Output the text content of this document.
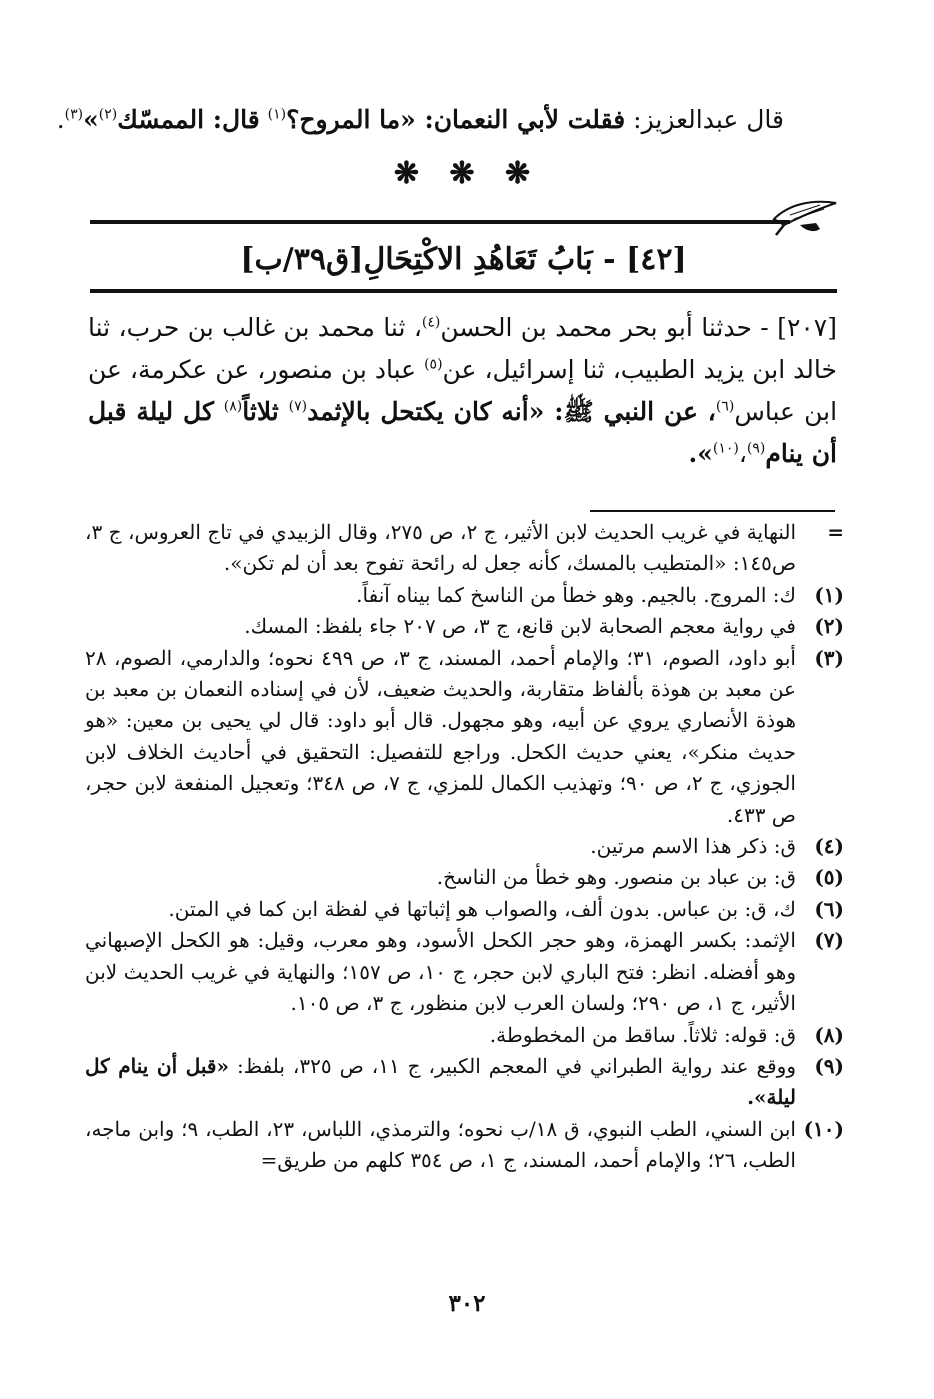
قال عبدالعزيز: فقلت لأبي النعمان: «ما المروح؟$^{(١)}$ قال: الممسّك$^{(٢)}$»$^{(٣)}$.
❋ ❋ ❋
[٤٢] - بَابُ تَعَاهُدِ الاكْتِحَالِ[ق٣٩/ب]
[٢٠٧] - حدثنا أبو بحر محمد بن الحسن$^{(٤)}$، ثنا محمد بن غالب بن حرب، ثنا خالد ابن يزيد الطبيب، ثنا إسرائيل، عن$^{(٥)}$ عباد بن منصور، عن عكرمة، عن ابن عباس$^{(٦)}$، عن النبي ﷺ: «أنه كان يكتحل بالإثمد$^{(٧)}$ ثلاثاً$^{(٨)}$ كل ليلة قبل أن ينام$^{(٩)}$،$^{(١٠)}$».
=
النهاية في غريب الحديث لابن الأثير، ج ٢، ص ٢٧٥، وقال الزبيدي في تاج العروس، ج ٣، ص١٤٥: «المتطيب بالمسك، كأنه جعل له رائحة تفوح بعد أن لم تكن».
(١)
ك: المروج. بالجيم. وهو خطأ من الناسخ كما بيناه آنفاً.
(٢)
في رواية معجم الصحابة لابن قانع، ج ٣، ص ٢٠٧ جاء بلفظ: المسك.
(٣)
أبو داود، الصوم، ٣١؛ والإمام أحمد، المسند، ج ٣، ص ٤٩٩ نحوه؛ والدارمي، الصوم، ٢٨ عن معبد بن هوذة بألفاظ متقاربة، والحديث ضعيف، لأن في إسناده النعمان بن معبد بن هوذة الأنصاري يروي عن أبيه، وهو مجهول. قال أبو داود: قال لي يحيى بن معين: «هو حديث منكر»، يعني حديث الكحل. وراجع للتفصيل: التحقيق في أحاديث الخلاف لابن الجوزي، ج ٢، ص ٩٠؛ وتهذيب الكمال للمزي، ج ٧، ص ٣٤٨؛ وتعجيل المنفعة لابن حجر، ص ٤٣٣.
(٤)
ق: ذكر هذا الاسم مرتين.
(٥)
ق: بن عباد بن منصور. وهو خطأ من الناسخ.
(٦)
ك، ق: بن عباس. بدون ألف، والصواب هو إثباتها في لفظة ابن كما في المتن.
(٧)
الإثمد: بكسر الهمزة، وهو حجر الكحل الأسود، وهو معرب، وقيل: هو الكحل الإصبهاني وهو أفضله. انظر: فتح الباري لابن حجر، ج ١٠، ص ١٥٧؛ والنهاية في غريب الحديث لابن الأثير، ج ١، ص ٢٩٠؛ ولسان العرب لابن منظور، ج ٣، ص ١٠٥.
(٨)
ق: قوله: ثلاثاً. ساقط من المخطوطة.
(٩)
ووقع عند رواية الطبراني في المعجم الكبير، ج ١١، ص ٣٢٥، بلفظ: «قبل أن ينام كل ليلة».
(١٠)
ابن السني، الطب النبوي، ق ١٨/ب نحوه؛ والترمذي، اللباس، ٢٣، الطب، ٩؛ وابن ماجه، الطب، ٢٦؛ والإمام أحمد، المسند، ج ١، ص ٣٥٤ كلهم من طريق=
٣٠٢
